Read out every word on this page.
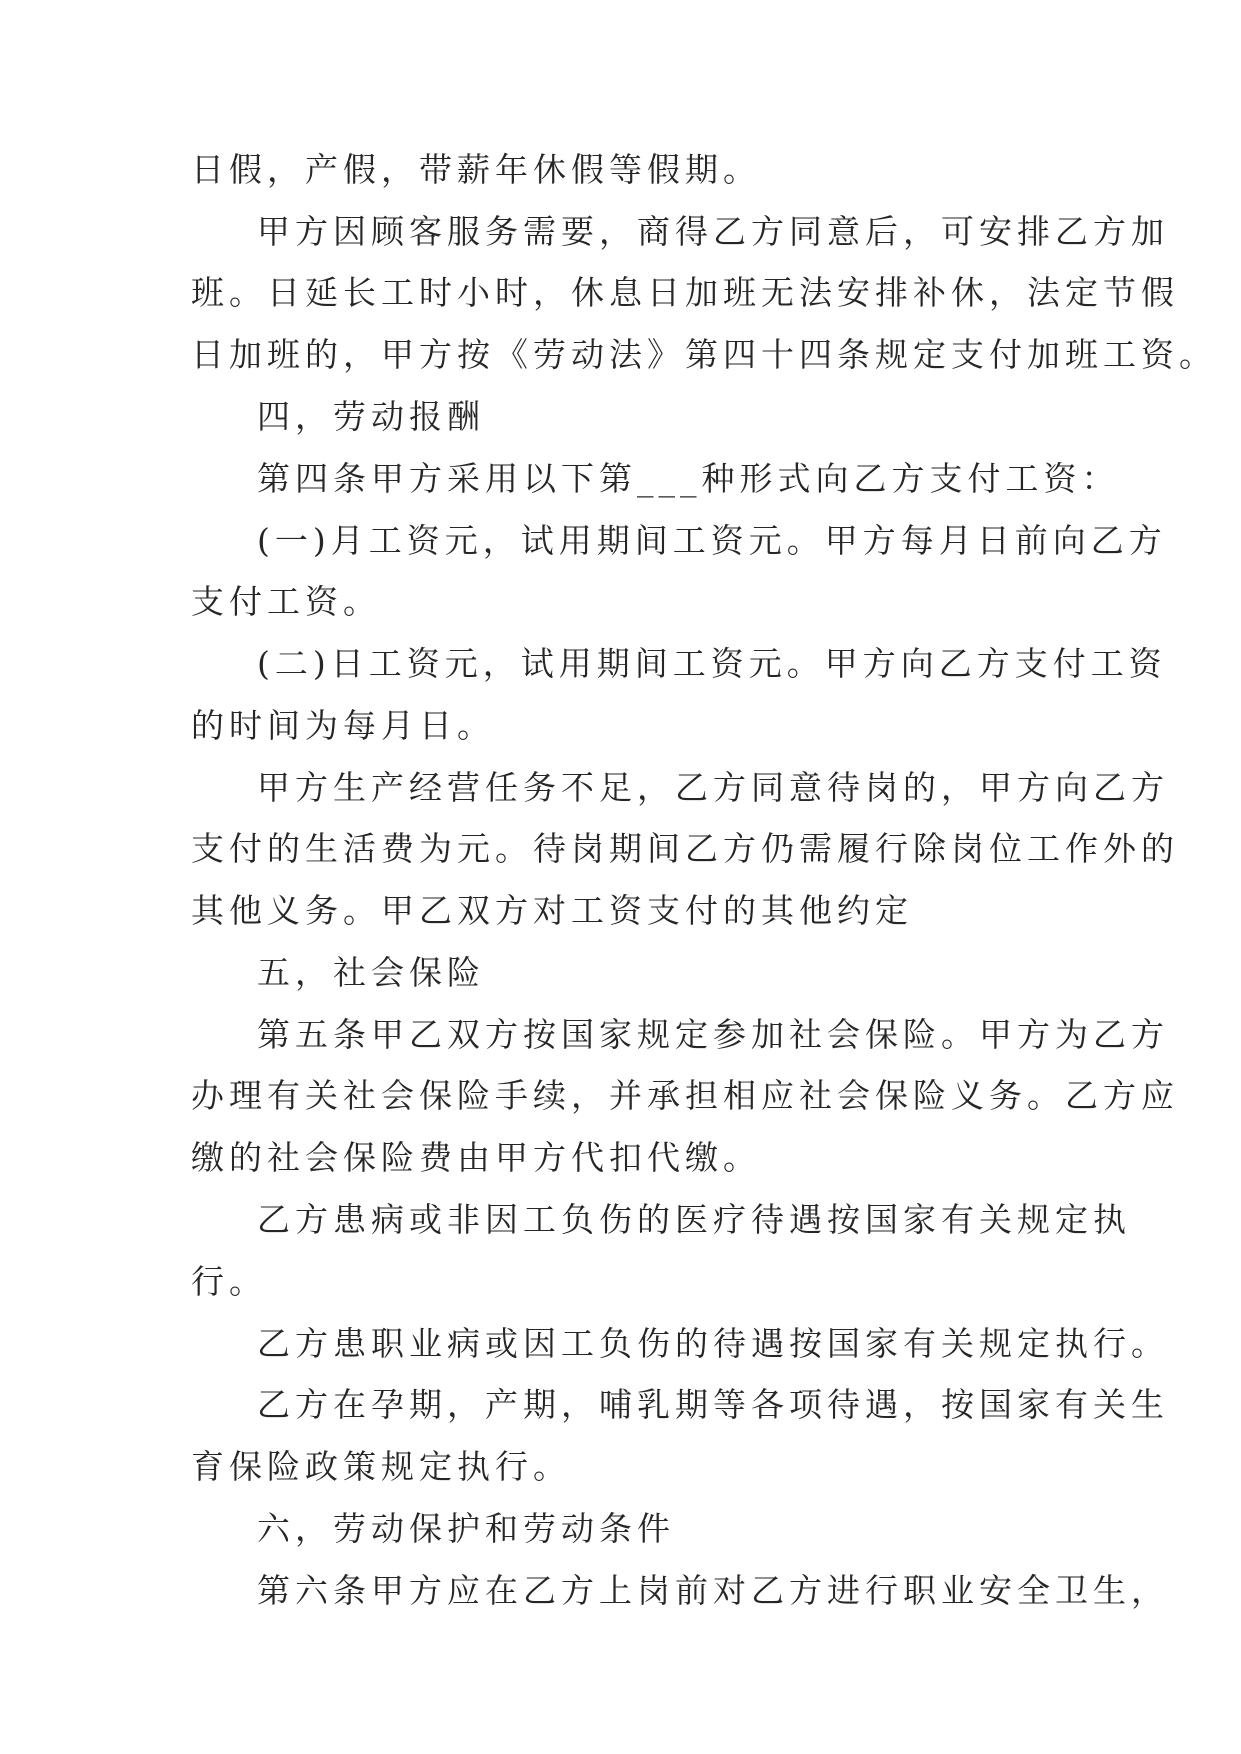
日假，产假，带薪年休假等假期。
甲方因顾客服务需要，商得乙方同意后，可安排乙方加
班。日延长工时小时，休息日加班无法安排补休，法定节假
日加班的，甲方按《劳动法》第四十四条规定支付加班工资。
四，劳动报酬
第四条甲方采用以下第___种形式向乙方支付工资：
(一)月工资元，试用期间工资元。甲方每月日前向乙方
支付工资。
(二)日工资元，试用期间工资元。甲方向乙方支付工资
的时间为每月日。
甲方生产经营任务不足，乙方同意待岗的，甲方向乙方
支付的生活费为元。待岗期间乙方仍需履行除岗位工作外的
其他义务。甲乙双方对工资支付的其他约定
五，社会保险
第五条甲乙双方按国家规定参加社会保险。甲方为乙方
办理有关社会保险手续，并承担相应社会保险义务。乙方应
缴的社会保险费由甲方代扣代缴。
乙方患病或非因工负伤的医疗待遇按国家有关规定执
行。
乙方患职业病或因工负伤的待遇按国家有关规定执行。
乙方在孕期，产期，哺乳期等各项待遇，按国家有关生
育保险政策规定执行。
六，劳动保护和劳动条件
第六条甲方应在乙方上岗前对乙方进行职业安全卫生，
